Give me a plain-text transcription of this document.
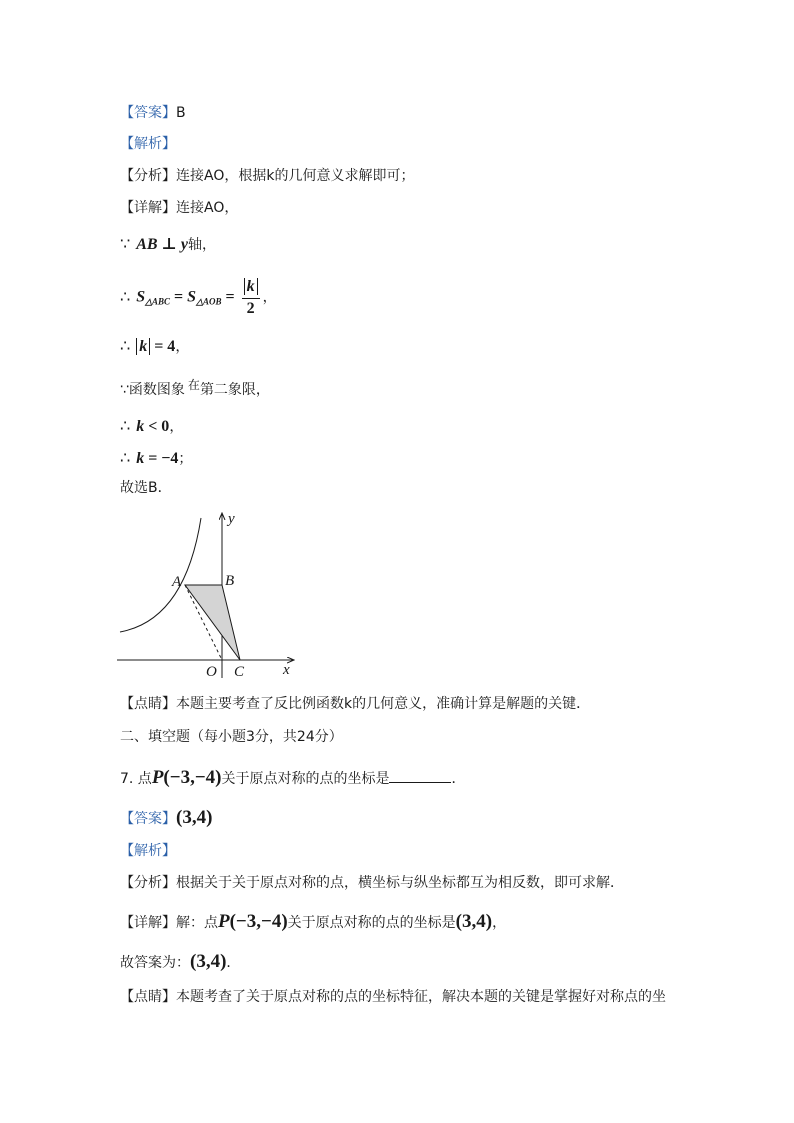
【答案】B
【解析】
【分析】连接AO，根据k的几何意义求解即可；
【详解】连接AO，
∵ AB ⊥ y轴，
∴ $S_{\triangle ABC} = S_{\triangle AOB} = \frac{k}{2}$ ，
∴ k = 4，
∵函数图象 在第二象限，
∴ k < 0，
∴ k = −4；
故选B．
y
x
A	B
O C
【点睛】本题主要考查了反比例函数k的几何意义，准确计算是解题的关键．
二、填空题（每小题3分，共24分）
7. 点P(−3,−4)关于原点对称的点的坐标是	．
【答案】(3,4)
【解析】
【分析】根据关于关于原点对称的点，横坐标与纵坐标都互为相反数，即可求解．
【详解】解：点P(−3,−4)关于原点对称的点的坐标是(3,4)，
故答案为：(3,4)．
【点睛】本题考查了关于原点对称的点的坐标特征，解决本题的关键是掌握好对称点的坐
